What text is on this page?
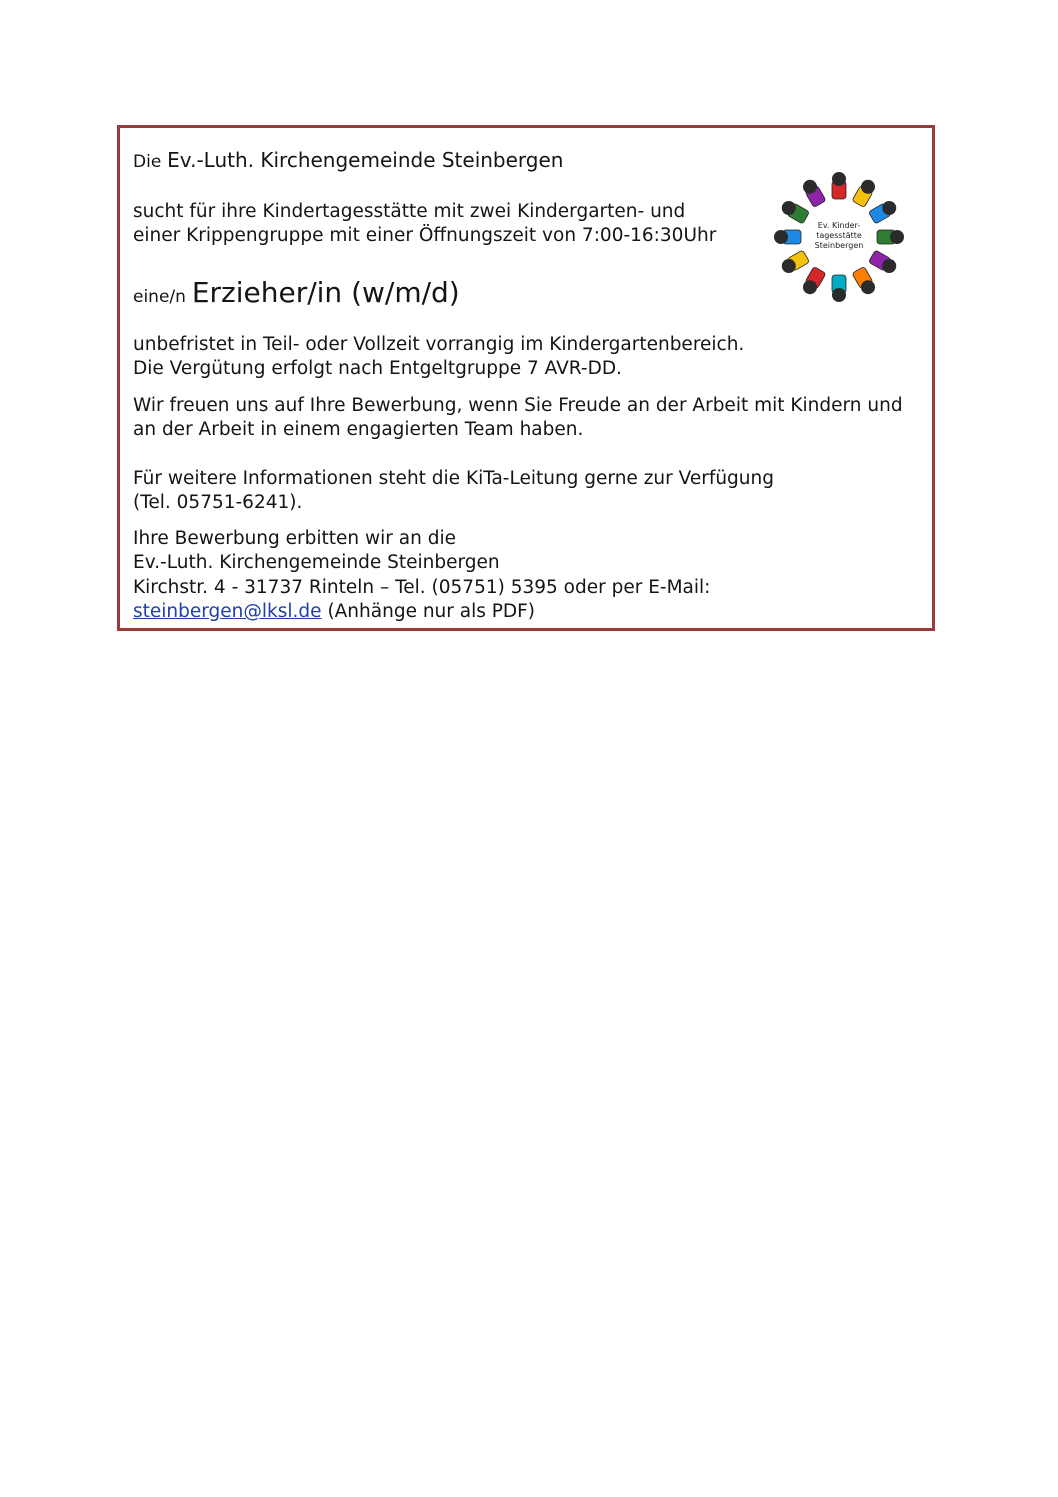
Die Ev.-Luth. Kirchengemeinde Steinbergen
sucht für ihre Kindertagesstätte mit zwei Kindergarten- und
einer Krippengruppe mit einer Öffnungszeit von 7:00-16:30Uhr
eine/n Erzieher/in (w/m/d)
unbefristet in Teil- oder Vollzeit vorrangig im Kindergartenbereich.
Die Vergütung erfolgt nach Entgeltgruppe 7 AVR-DD.
Wir freuen uns auf Ihre Bewerbung, wenn Sie Freude an der Arbeit mit Kindern und
an der Arbeit in einem engagierten Team haben.
Für weitere Informationen steht die KiTa-Leitung gerne zur Verfügung
(Tel. 05751-6241).
Ihre Bewerbung erbitten wir an die
Ev.-Luth. Kirchengemeinde Steinbergen
Kirchstr. 4 - 31737 Rinteln – Tel. (05751) 5395 oder per E-Mail:
steinbergen@lksl.de (Anhänge nur als PDF)
Ev. Kinder-
tagesstätte
Steinbergen
